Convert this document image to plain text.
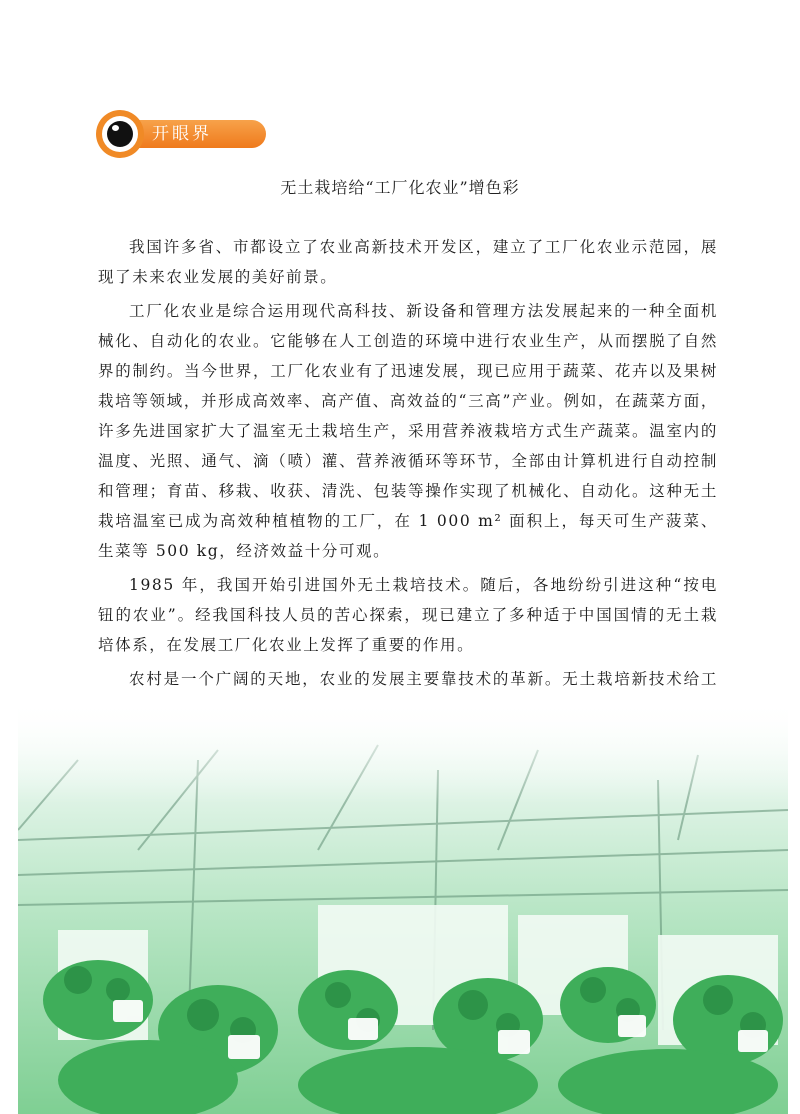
开眼界
无土栽培给“工厂化农业”增色彩

我国许多省、市都设立了农业高新技术开发区，建立了工厂化农业示范园，展现了未来农业发展的美好前景。

工厂化农业是综合运用现代高科技、新设备和管理方法发展起来的一种全面机械化、自动化的农业。它能够在人工创造的环境中进行农业生产，从而摆脱了自然界的制约。当今世界，工厂化农业有了迅速发展，现已应用于蔬菜、花卉以及果树栽培等领域，并形成高效率、高产值、高效益的“三高”产业。例如，在蔬菜方面，许多先进国家扩大了温室无土栽培生产，采用营养液栽培方式生产蔬菜。温室内的温度、光照、通气、滴（喷）灌、营养液循环等环节，全部由计算机进行自动控制和管理；育苗、移栽、收获、清洗、包装等操作实现了机械化、自动化。这种无土栽培温室已成为高效种植植物的工厂，在 1 000 m² 面积上，每天可生产菠菜、生菜等 500 kg，经济效益十分可观。

1985 年，我国开始引进国外无土栽培技术。随后，各地纷纷引进这种“按电钮的农业”。经我国科技人员的苦心探索，现已建立了多种适于中国国情的无土栽培体系，在发展工厂化农业上发挥了重要的作用。

农村是一个广阔的天地，农业的发展主要靠技术的革新。无土栽培新技术给工
